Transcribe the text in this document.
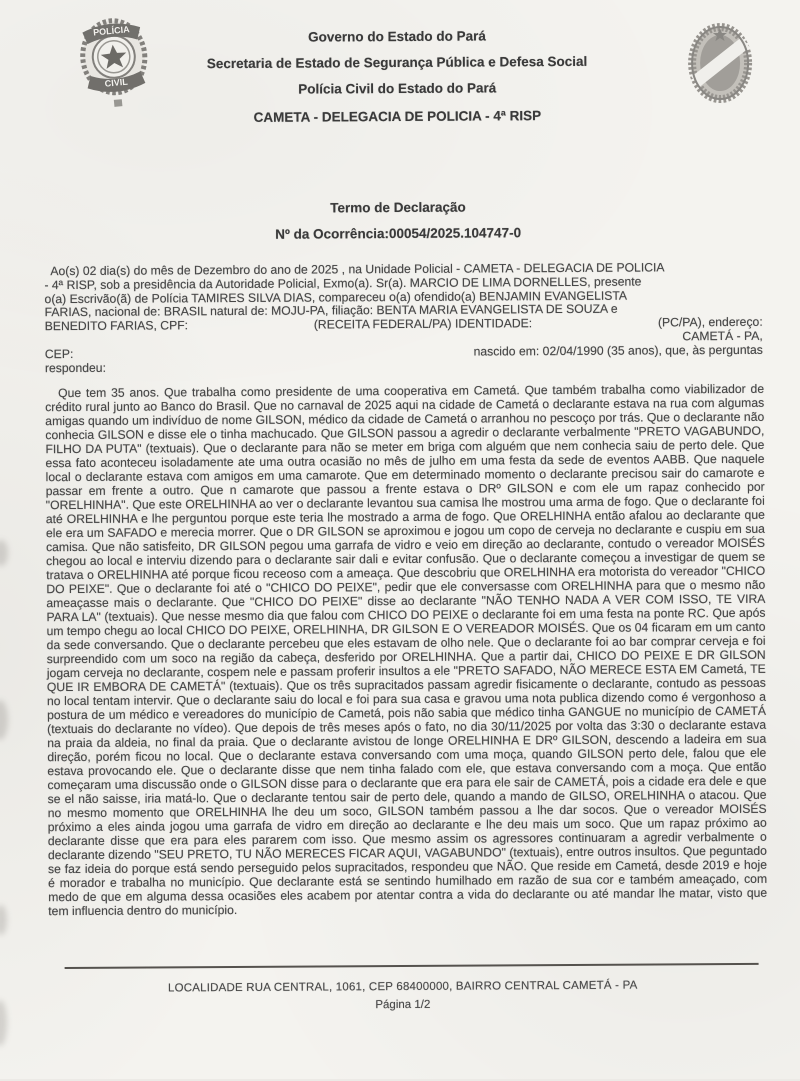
POLÍCIA
CIVIL
Governo do Estado do Pará
Secretaria de Estado de Segurança Pública e Defesa Social
Polícia Civil do Estado do Pará
CAMETA - DELEGACIA DE POLICIA - 4ª RISP
Termo de Declaração
Nº da Ocorrência:00054/2025.104747-0
Ao(s) 02 dia(s) do mês de Dezembro do ano de 2025 , na Unidade Policial - CAMETA - DELEGACIA DE POLICIA
- 4ª RISP, sob a presidência da Autoridade Policial, Exmo(a). Sr(a). MARCIO DE LIMA DORNELLES, presente
o(a) Escrivão(ã) de Polícia TAMIRES SILVA DIAS, compareceu o(a) ofendido(a) BENJAMIN EVANGELISTA
FARIAS, nacional de: BRASIL natural de: MOJU-PA, filiação: BENTA MARIA EVANGELISTA DE SOUZA e
BENEDITO FARIAS, CPF:	(RECEITA FEDERAL/PA) IDENTIDADE:	(PC/PA), endereço:
CAMETÁ - PA,
CEP:	nascido em: 02/04/1990 (35 anos), que, às perguntas
respondeu:
Que tem 35 anos. Que trabalha como presidente de uma cooperativa em Cametá. Que também trabalha como viabilizador de crédito rural junto ao Banco do Brasil. Que no carnaval de 2025 aqui na cidade de Cametá o declarante estava na rua com algumas amigas quando um indivíduo de nome GILSON, médico da cidade de Cametá o arranhou no pescoço por trás. Que o declarante não conhecia GILSON e disse ele o tinha machucado. Que GILSON passou a agredir o declarante verbalmente "PRETO VAGABUNDO, FILHO DA PUTA" (textuais). Que o declarante para não se meter em briga com alguém que nem conhecia saiu de perto dele. Que essa fato aconteceu isoladamente ate uma outra ocasião no mês de julho em uma festa da sede de eventos AABB. Que naquele local o declarante estava com amigos em uma camarote. Que em determinado momento o declarante precisou sair do camarote e passar em frente a outro. Que n camarote que passou a frente estava o DRº GILSON e com ele um rapaz conhecido por "ORELHINHA". Que este ORELHINHA ao ver o declarante levantou sua camisa lhe mostrou uma arma de fogo. Que o declarante foi até ORELHINHA e lhe perguntou porque este teria lhe mostrado a arma de fogo. Que ORELHINHA então afalou ao declarante que ele era um SAFADO e merecia morrer. Que o DR GILSON se aproximou e jogou um copo de cerveja no declarante e cuspiu em sua camisa. Que não satisfeito, DR GILSON pegou uma garrafa de vidro e veio em direção ao declarante, contudo o vereador MOISÉS chegou ao local e interviu dizendo para o declarante sair dali e evitar confusão. Que o declarante começou a investigar de quem se tratava o ORELHINHA até porque ficou receoso com a ameaça. Que descobriu que ORELHINHA era motorista do vereador "CHICO DO PEIXE". Que o declarante foi até o "CHICO DO PEIXE", pedir que ele conversasse com ORELHINHA para que o mesmo não ameaçasse mais o declarante. Que "CHICO DO PEIXE" disse ao declarante "NÃO TENHO NADA A VER COM ISSO, TE VIRA PARA LA" (textuais). Que nesse mesmo dia que falou com CHICO DO PEIXE o declarante foi em uma festa na ponte RC. Que após um tempo chegu ao local CHICO DO PEIXE, ORELHINHA, DR GILSON E O VEREADOR MOISÉS. Que os 04 ficaram em um canto da sede conversando. Que o declarante percebeu que eles estavam de olho nele. Que o declarante foi ao bar comprar cerveja e foi surpreendido com um soco na região da cabeça, desferido por ORELHINHA. Que a partir dai, CHICO DO PEIXE E DR GILSON jogam cerveja no declarante, cospem nele e passam proferir insultos a ele "PRETO SAFADO, NÃO MERECE ESTA EM Cametá, TE QUE IR EMBORA DE CAMETÁ" (textuais). Que os três supracitados passam agredir fisicamente o declarante, contudo as pessoas no local tentam intervir. Que o declarante saiu do local e foi para sua casa e gravou uma nota publica dizendo como é vergonhoso a postura de um médico e vereadores do município de Cametá, pois não sabia que médico tinha GANGUE no município de CAMETÁ (textuais do declarante no vídeo). Que depois de três meses após o fato, no dia 30/11/2025 por volta das 3:30 o declarante estava na praia da aldeia, no final da praia. Que o declarante avistou de longe ORELHINHA E DRº GILSON, descendo a ladeira em sua direção, porém ficou no local. Que o declarante estava conversando com uma moça, quando GILSON perto dele, falou que ele estava provocando ele. Que o declarante disse que nem tinha falado com ele, que estava conversando com a moça. Que então começaram uma discussão onde o GILSON disse para o declarante que era para ele sair de CAMETÁ, pois a cidade era dele e que se el não saisse, iria matá-lo. Que o declarante tentou sair de perto dele, quando a mando de GILSO, ORELHINHA o atacou. Que no mesmo momento que ORELHINHA lhe deu um soco, GILSON também passou a lhe dar socos. Que o vereador MOISÉS próximo a eles ainda jogou uma garrafa de vidro em direção ao declarante e lhe deu mais um soco. Que um rapaz próximo ao declarante disse que era para eles pararem com isso. Que mesmo assim os agressores continuaram a agredir verbalmente o declarante dizendo "SEU PRETO, TU NÃO MERECES FICAR AQUI, VAGABUNDO" (textuais), entre outros insultos. Que peguntado se faz ideia do porque está sendo perseguido pelos supracitados, respondeu que NÃO. Que reside em Cametá, desde 2019 e hoje é morador e trabalha no município. Que declarante está se sentindo humilhado em razão de sua cor e também ameaçado, com medo de que em alguma dessa ocasiões eles acabem por atentar contra a vida do declarante ou até mandar lhe matar, visto que tem influencia dentro do município.
LOCALIDADE RUA CENTRAL, 1061, CEP 68400000, BAIRRO CENTRAL CAMETÁ - PA
Página 1/2
